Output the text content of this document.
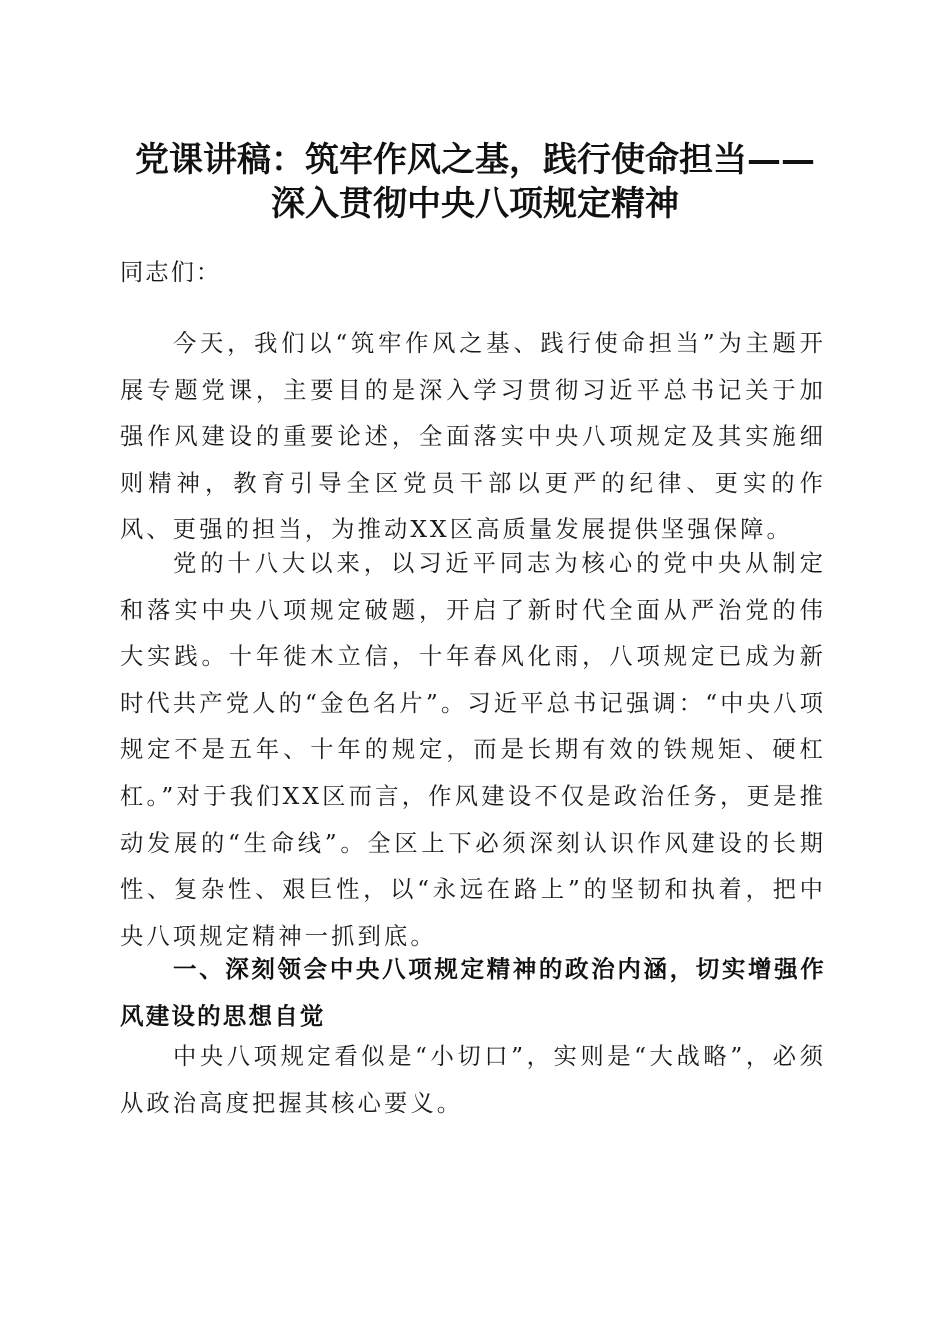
党课讲稿：筑牢作风之基，践行使命担当——
深入贯彻中央八项规定精神
同志们：
今天，我们以“筑牢作风之基、践行使命担当”为主题开展专题党课，主要目的是深入学习贯彻习近平总书记关于加强作风建设的重要论述，全面落实中央八项规定及其实施细则精神，教育引导全区党员干部以更严的纪律、更实的作风、更强的担当，为推动XX区高质量发展提供坚强保障。
党的十八大以来，以习近平同志为核心的党中央从制定和落实中央八项规定破题，开启了新时代全面从严治党的伟大实践。十年徙木立信，十年春风化雨，八项规定已成为新时代共产党人的“金色名片”。习近平总书记强调：“中央八项规定不是五年、十年的规定，而是长期有效的铁规矩、硬杠杠。”对于我们XX区而言，作风建设不仅是政治任务，更是推动发展的“生命线”。全区上下必须深刻认识作风建设的长期性、复杂性、艰巨性，以“永远在路上”的坚韧和执着，把中央八项规定精神一抓到底。
一、深刻领会中央八项规定精神的政治内涵，切实增强作风建设的思想自觉
中央八项规定看似是“小切口”，实则是“大战略”，必须从政治高度把握其核心要义。
